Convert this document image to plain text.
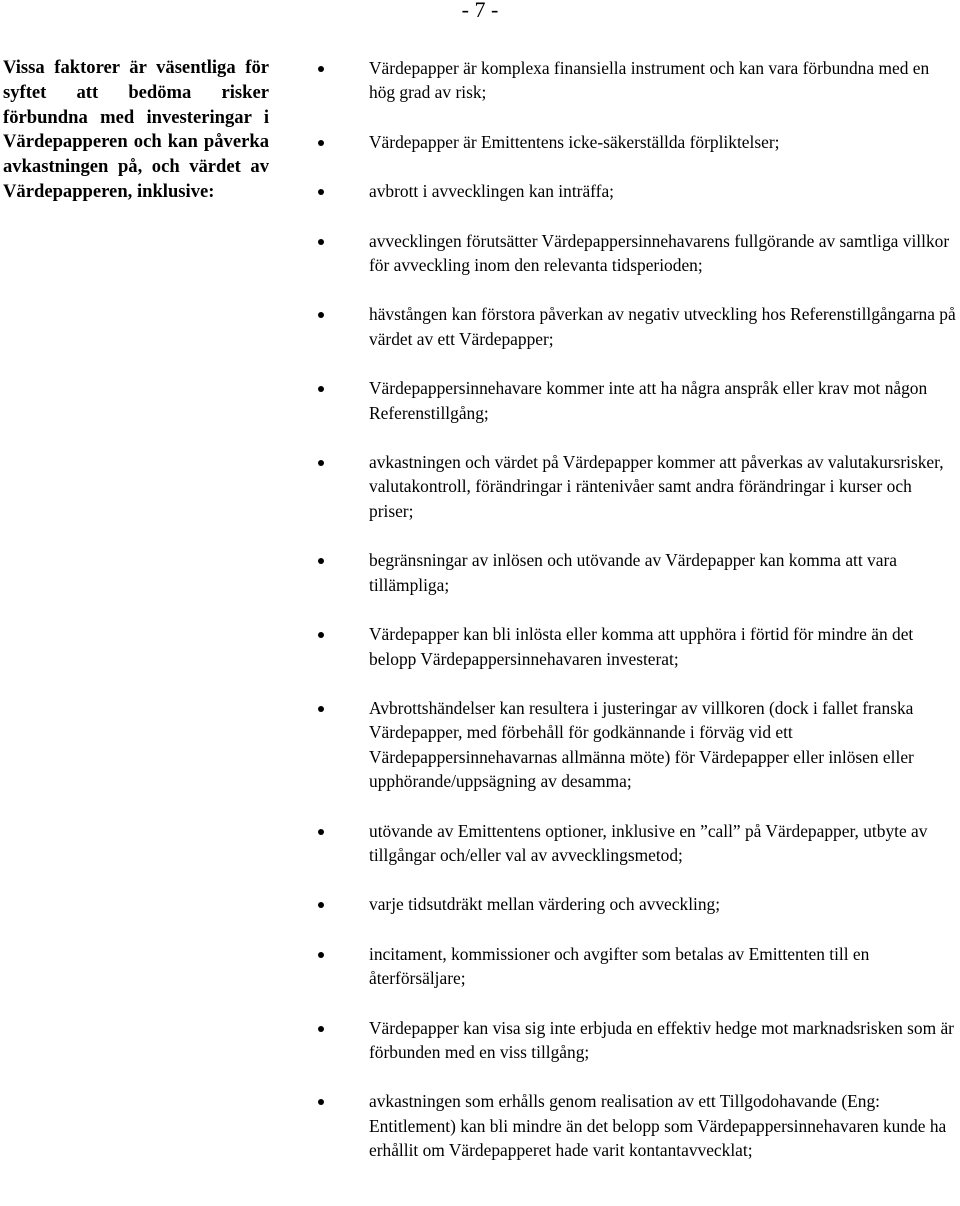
- 7 -
Vissa faktorer är väsentliga för syftet att bedöma risker förbundna med investeringar i Värdepapperen och kan påverka avkastningen på, och värdet av Värdepapperen, inklusive:
Värdepapper är komplexa finansiella instrument och kan vara förbundna med en hög grad av risk;
Värdepapper är Emittentens icke-säkerställda förpliktelser;
avbrott i avvecklingen kan inträffa;
avvecklingen förutsätter Värdepappersinnehavarens fullgörande av samtliga villkor för avveckling inom den relevanta tidsperioden;
hävstången kan förstora påverkan av negativ utveckling hos Referenstillgångarna på värdet av ett Värdepapper;
Värdepappersinnehavare kommer inte att ha några anspråk eller krav mot någon Referenstillgång;
avkastningen och värdet på Värdepapper kommer att påverkas av valutakursrisker, valutakontroll, förändringar i räntenivåer samt andra förändringar i kurser och priser;
begränsningar av inlösen och utövande av Värdepapper kan komma att vara tillämpliga;
Värdepapper kan bli inlösta eller komma att upphöra i förtid för mindre än det belopp Värdepappersinnehavaren investerat;
Avbrottshändelser kan resultera i justeringar av villkoren (dock i fallet franska Värdepapper, med förbehåll för godkännande i förväg vid ett Värdepappersinnehavarnas allmänna möte) för Värdepapper eller inlösen eller upphörande/uppsägning av desamma;
utövande av Emittentens optioner, inklusive en ”call” på Värdepapper, utbyte av tillgångar och/eller val av avvecklingsmetod;
varje tidsutdräkt mellan värdering och avveckling;
incitament, kommissioner och avgifter som betalas av Emittenten till en återförsäljare;
Värdepapper kan visa sig inte erbjuda en effektiv hedge mot marknadsrisken som är förbunden med en viss tillgång;
avkastningen som erhålls genom realisation av ett Tillgodohavande (Eng: Entitlement) kan bli mindre än det belopp som Värdepappersinnehavaren kunde ha erhållit om Värdepapperet hade varit kontantavvecklat;
